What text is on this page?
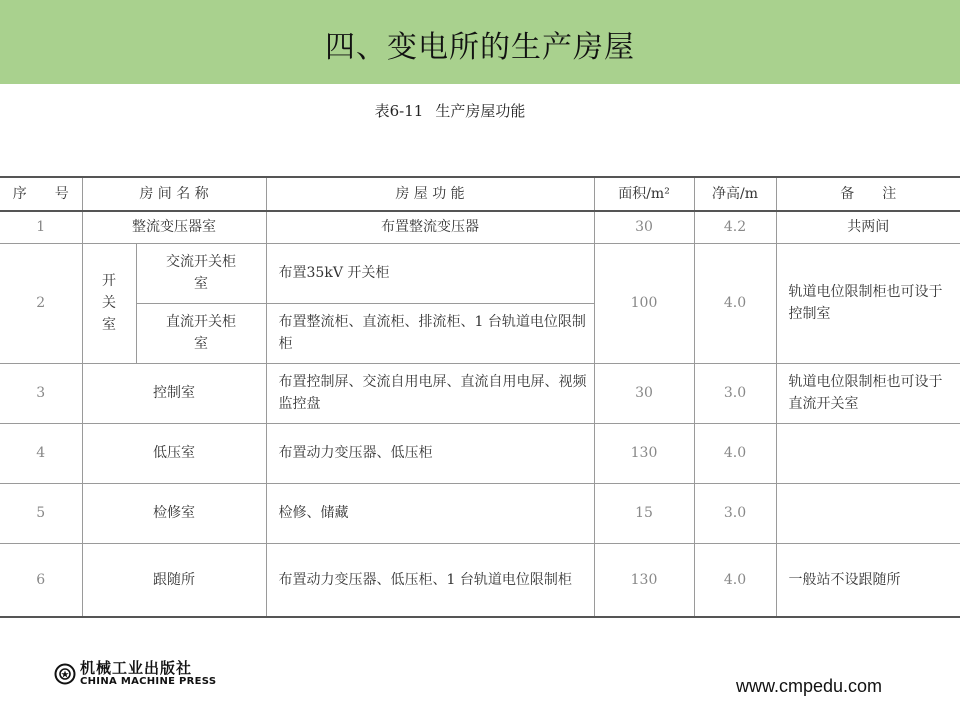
四、变电所的生产房屋
表6-11 生产房屋功能
序　　号	房 间 名 称		房 屋 功 能	面积/m²	净高/m	备　　注
1	整流变压器室		布置整流变压器	30	4.2	共两间
2	开关室	交流开关柜室	布置35kV 开关柜	100	4.0	轨道电位限制柜也可设于控制室

		直流开关柜室	布置整流柜、直流柜、排流柜、1 台轨道电位限制柜			
3	控制室		布置控制屏、交流自用电屏、直流自用电屏、视频监控盘	30	3.0	轨道电位限制柜也可设于直流开关室
4	低压室		布置动力变压器、低压柜	130	4.0	
5	检修室		检修、储藏	15	3.0	
6	跟随所		布置动力变压器、低压柜、1 台轨道电位限制柜	130	4.0	一般站不设跟随所
机械工业出版社
CHINA MACHINE PRESS	www.cmpedu.com
